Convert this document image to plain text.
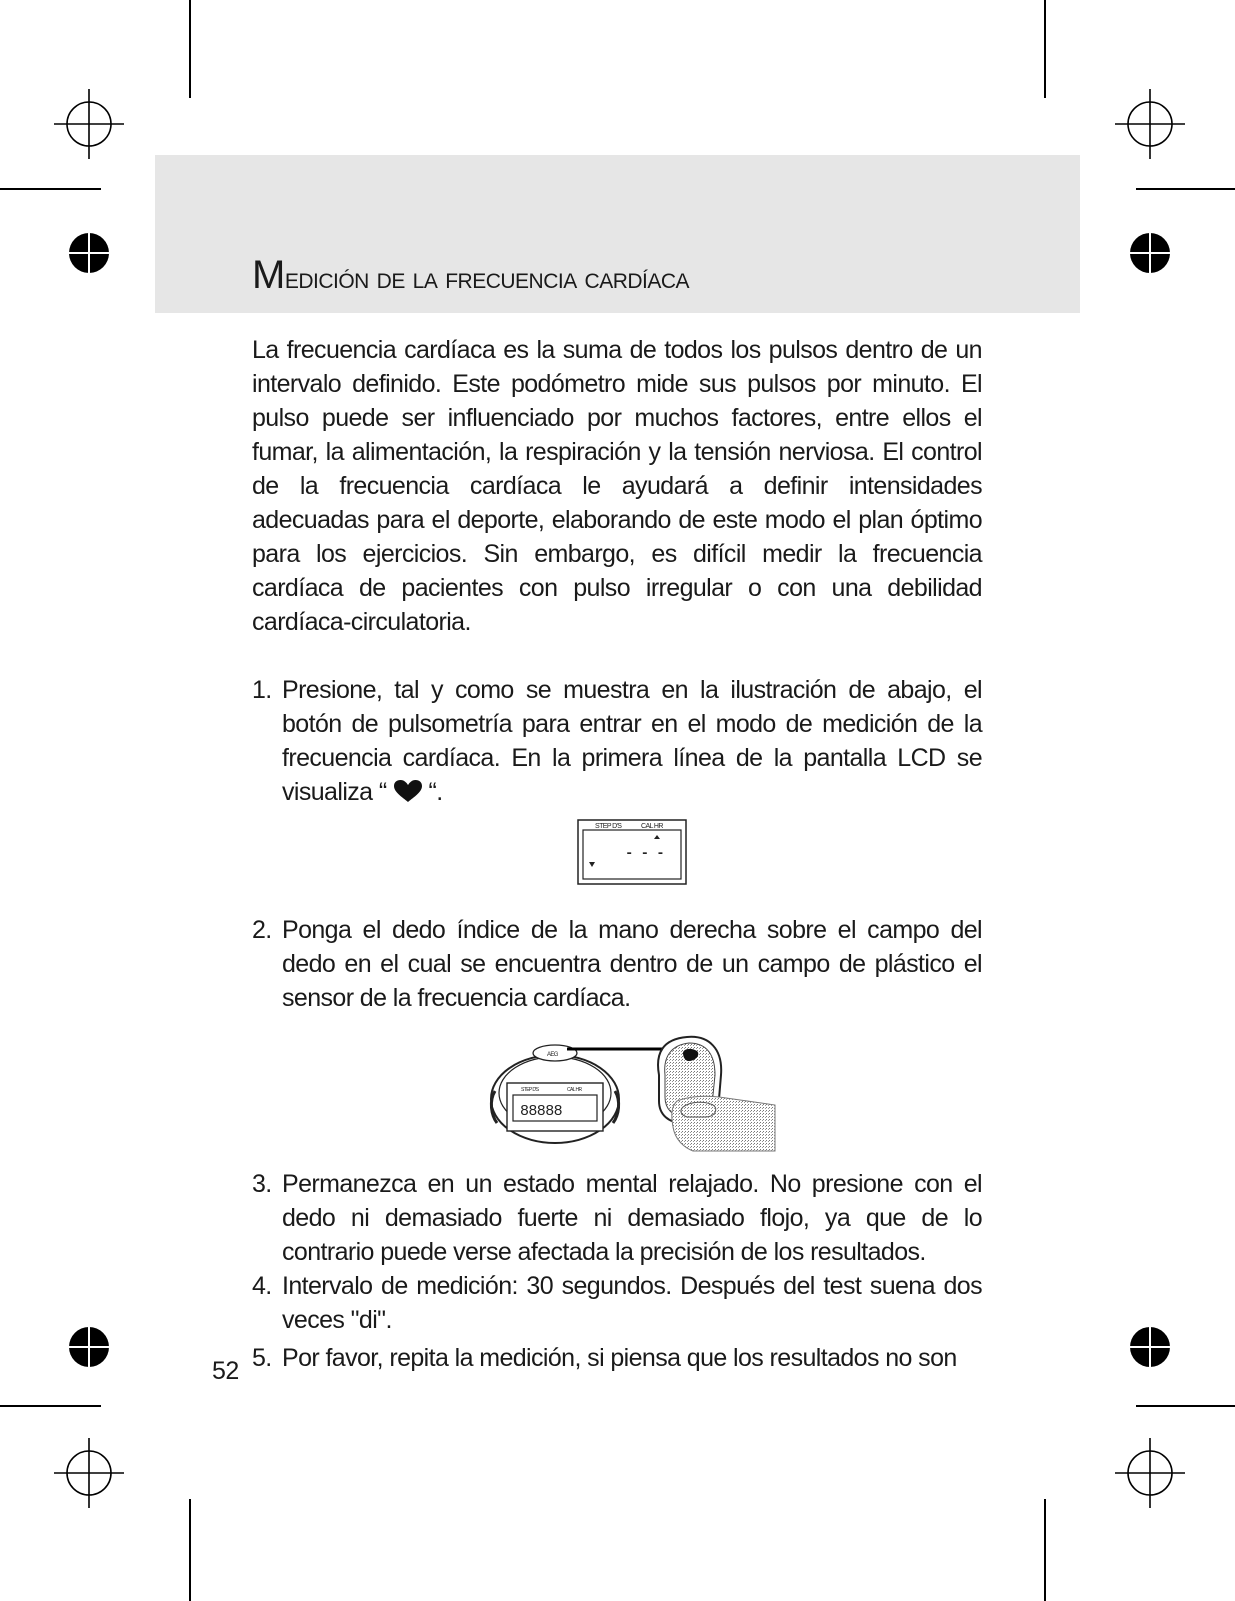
Medición de la frecuencia cardíaca

La frecuencia cardíaca es la suma de todos los pulsos dentro de un intervalo definido. Este podómetro mide sus pulsos por minuto. El pulso puede ser influenciado por muchos factores, entre ellos el fumar, la alimentación, la respiración y la tensión nerviosa. El control de la frecuencia cardíaca le ayudará a definir intensidades adecuadas para el deporte, elaborando de este modo el plan óptimo para los ejercicios. Sin embargo, es difícil medir la frecuencia cardíaca de pacientes con pulso irregular o con una debilidad cardíaca-circulatoria.

1. Presione, tal y como se muestra en la ilustración de abajo, el botón de pulsometría para entrar en el modo de medición de la frecuencia cardíaca. En la primera línea de la pantalla LCD se visualiza “ “.
STEP D'S	CAL HR
- - -
2. Ponga el dedo índice de la mano derecha sobre el campo del dedo en el cual se encuentra dentro de un campo de plástico el sensor de la frecuencia cardíaca.
AEG
STEP D'S	CAL HR
88888
3. Permanezca en un estado mental relajado. No presione con el dedo ni demasiado fuerte ni demasiado flojo, ya que de lo contrario puede verse afectada la precisión de los resultados.
4. Intervalo de medición: 30 segundos. Después del test suena dos veces "di".
5. Por favor, repita la medición, si piensa que los resultados no son
52
